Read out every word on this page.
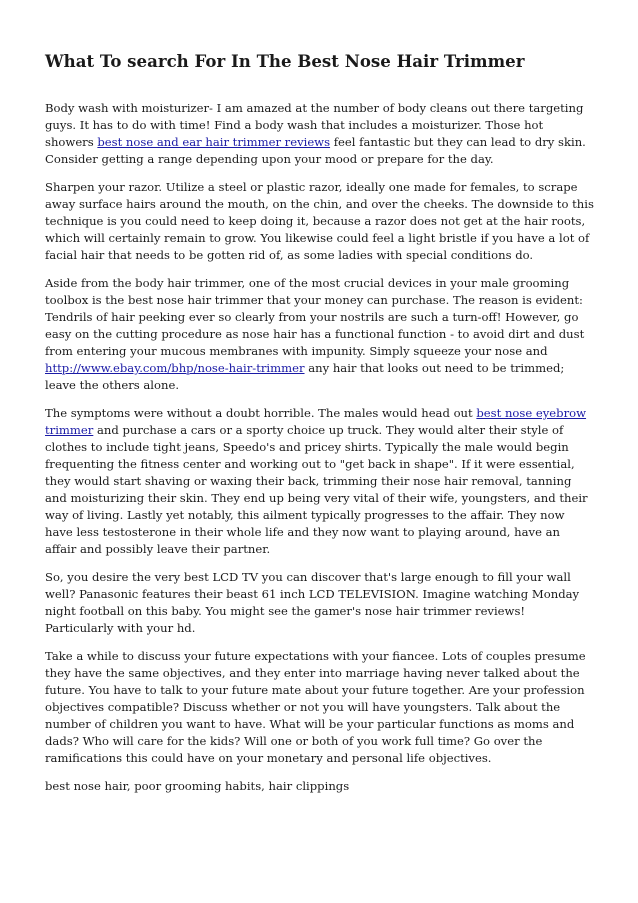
What To search For In The Best Nose Hair Trimmer

Body wash with moisturizer- I am amazed at the number of body cleans out there targeting guys. It has to do with time! Find a body wash that includes a moisturizer. Those hot showers best nose and ear hair trimmer reviews feel fantastic but they can lead to dry skin. Consider getting a range depending upon your mood or prepare for the day.

Sharpen your razor. Utilize a steel or plastic razor, ideally one made for females, to scrape away surface hairs around the mouth, on the chin, and over the cheeks. The downside to this technique is you could need to keep doing it, because a razor does not get at the hair roots, which will certainly remain to grow. You likewise could feel a light bristle if you have a lot of facial hair that needs to be gotten rid of, as some ladies with special conditions do.

Aside from the body hair trimmer, one of the most crucial devices in your male grooming toolbox is the best nose hair trimmer that your money can purchase. The reason is evident: Tendrils of hair peeking ever so clearly from your nostrils are such a turn-off! However, go easy on the cutting procedure as nose hair has a functional function - to avoid dirt and dust from entering your mucous membranes with impunity. Simply squeeze your nose and http://www.ebay.com/bhp/nose-hair-trimmer any hair that looks out need to be trimmed; leave the others alone.

The symptoms were without a doubt horrible. The males would head out best nose eyebrow trimmer and purchase a cars or a sporty choice up truck. They would alter their style of clothes to include tight jeans, Speedo's and pricey shirts. Typically the male would begin frequenting the fitness center and working out to "get back in shape". If it were essential, they would start shaving or waxing their back, trimming their nose hair removal, tanning and moisturizing their skin. They end up being very vital of their wife, youngsters, and their way of living. Lastly yet notably, this ailment typically progresses to the affair. They now have less testosterone in their whole life and they now want to playing around, have an affair and possibly leave their partner.

So, you desire the very best LCD TV you can discover that's large enough to fill your wall well? Panasonic features their beast 61 inch LCD TELEVISION. Imagine watching Monday night football on this baby. You might see the gamer's nose hair trimmer reviews! Particularly with your hd.

Take a while to discuss your future expectations with your fiancee. Lots of couples presume they have the same objectives, and they enter into marriage having never talked about the future. You have to talk to your future mate about your future together. Are your profession objectives compatible? Discuss whether or not you will have youngsters. Talk about the number of children you want to have. What will be your particular functions as moms and dads? Who will care for the kids? Will one or both of you work full time? Go over the ramifications this could have on your monetary and personal life objectives.

best nose hair, poor grooming habits, hair clippings
